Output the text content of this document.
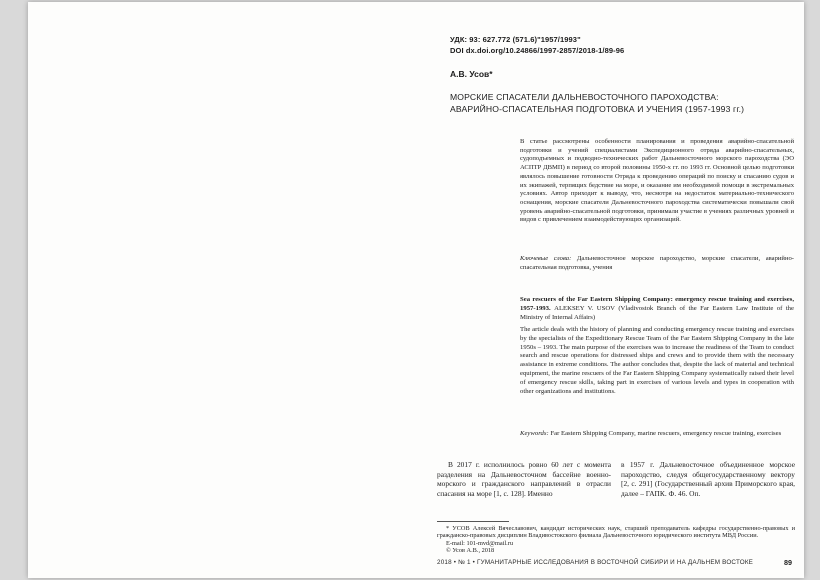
УДК: 93: 627.772 (571.6)"1957/1993"
DOI dx.doi.org/10.24866/1997-2857/2018-1/89-96
А.В. Усов*
МОРСКИЕ СПАСАТЕЛИ ДАЛЬНЕВОСТОЧНОГО ПАРОХОДСТВА:
АВАРИЙНО-СПАСАТЕЛЬНАЯ ПОДГОТОВКА И УЧЕНИЯ (1957-1993 гг.)
В статье рассмотрены особенности планирования и проведения аварийно-спасательной подготовки и учений специалистами Экспедиционного отряда аварийно-спасательных, судоподъемных и подводно-технических работ Дальневосточного морского пароходства (ЭО АСПТР ДВМП) в период со второй половины 1950-х гг. по 1993 гг. Основной целью подготовки являлось повышение готовности Отряда к проведению операций по поиску и спасанию судов и их экипажей, терпящих бедствие на море, и оказание им необходимой помощи в экстремальных условиях. Автор приходит к выводу, что, несмотря на недостаток материально-технического оснащения, морские спасатели Дальневосточного пароходства систематически повышали свой уровень аварийно-спасательной подготовки, принимали участие в учениях различных уровней и видов с привлечением взаимодействующих организаций.
Ключевые слова: Дальневосточное морское пароходство, морские спасатели, аварийно-спасательная подготовка, учения
Sea rescuers of the Far Eastern Shipping Company: emergency rescue training and exercises, 1957-1993. ALEKSEY V. USOV (Vladivostok Branch of the Far Eastern Law Institute of the Ministry of Internal Affairs)
The article deals with the history of planning and conducting emergency rescue training and exercises by the specialists of the Expeditionary Rescue Team of the Far Eastern Shipping Company in the late 1950s – 1993. The main purpose of the exercises was to increase the readiness of the Team to conduct search and rescue operations for distressed ships and crews and to provide them with the necessary assistance in extreme conditions. The author concludes that, despite the lack of material and technical equipment, the marine rescuers of the Far Eastern Shipping Company systematically raised their level of emergency rescue skills, taking part in exercises of various levels and types in cooperation with other organizations and institutions.
Keywords: Far Eastern Shipping Company, marine rescuers, emergency rescue training, exercises
В 2017 г. исполнилось ровно 60 лет с момента разделения на Дальневосточном бассейне военно-морского и гражданского направлений в отрасли спасания на море [1, с. 128]. Именно
в 1957 г. Дальневосточное объединенное морское пароходство, следуя общегосударственному вектору [2, с. 291] (Государственный архив Приморского края, далее – ГАПК. Ф. 46. Оп.
* УСОВ Алексей Вячеславович, кандидат исторических наук, старший преподаватель кафедры государственно-правовых и гражданско-правовых дисциплин Владивостокского филиала Дальневосточного юридического института МВД России.
E-mail: 101-mvd@mail.ru
© Усов А.В., 2018
2018 • № 1 • ГУМАНИТАРНЫЕ ИССЛЕДОВАНИЯ В ВОСТОЧНОЙ СИБИРИ И НА ДАЛЬНЕМ ВОСТОКЕ	89
